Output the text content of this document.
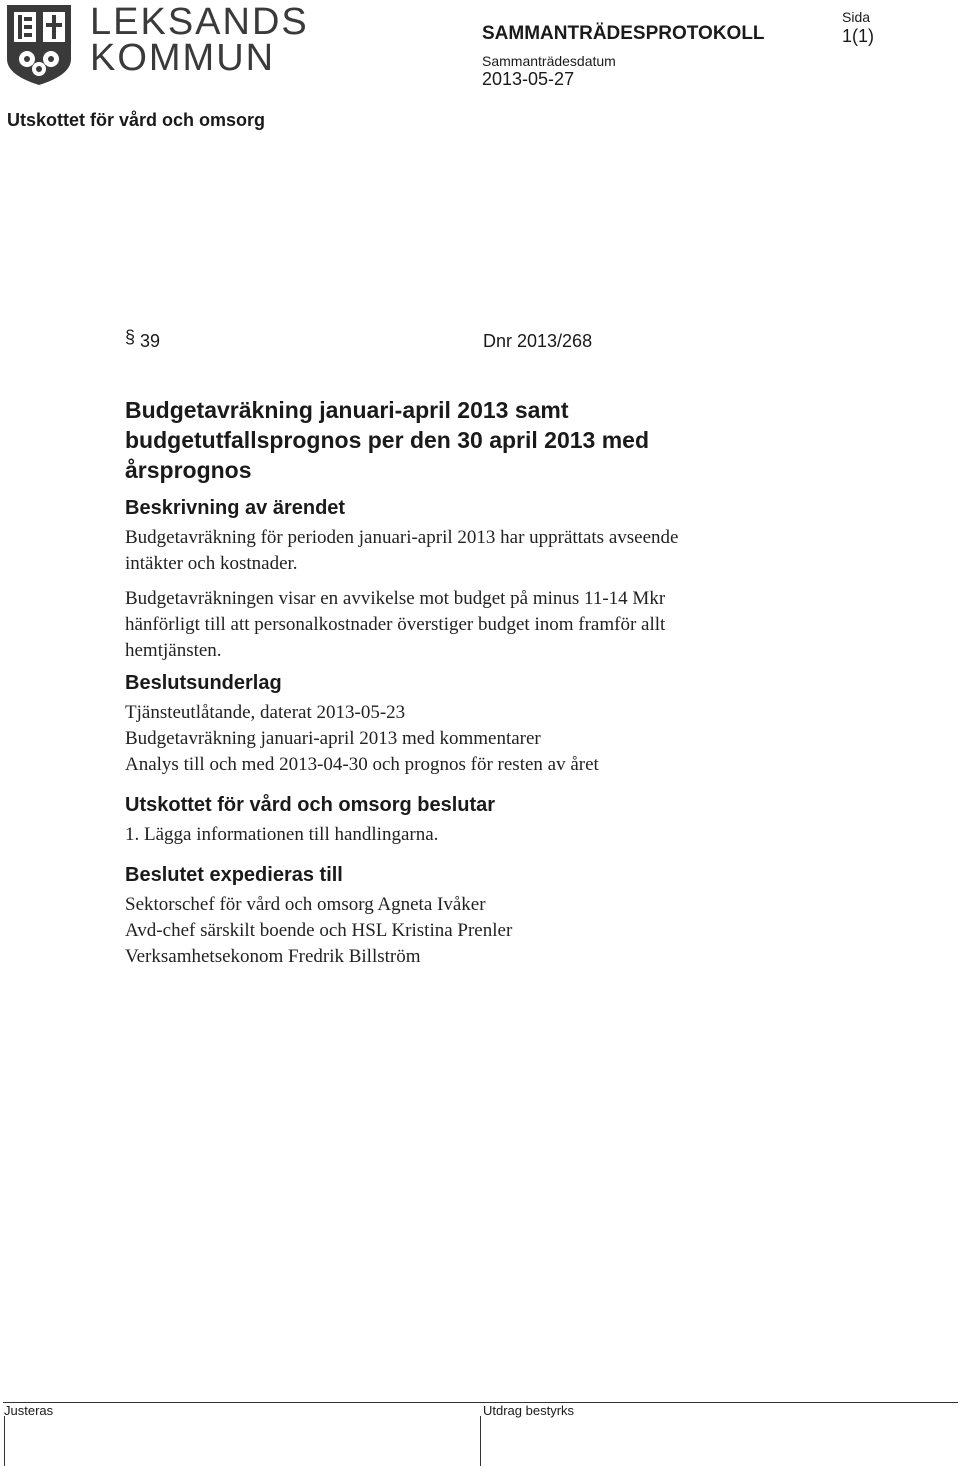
LEKSANDS
KOMMUN
SAMMANTRÄDESPROTOKOLL
Sida
1(1)
Sammanträdesdatum
2013-05-27
Utskottet för vård och omsorg
§ 39	Dnr 2013/268

Budgetavräkning januari-april 2013 samt

budgetutfallsprognos per den 30 april 2013 med

årsprognos

Beskrivning av ärendet

Budgetavräkning för perioden januari-april 2013 har upprättats avseende

intäkter och kostnader.

Budgetavräkningen visar en avvikelse mot budget på minus 11-14 Mkr

hänförligt till att personalkostnader överstiger budget inom framför allt

hemtjänsten.

Beslutsunderlag

Tjänsteutlåtande, daterat 2013-05-23

Budgetavräkning januari-april 2013 med kommentarer

Analys till och med 2013-04-30 och prognos för resten av året

Utskottet för vård och omsorg beslutar

1. Lägga informationen till handlingarna.

Beslutet expedieras till

Sektorschef för vård och omsorg Agneta Ivåker

Avd-chef särskilt boende och HSL Kristina Prenler

Verksamhetsekonom Fredrik Billström

Justeras	Utdrag bestyrks
